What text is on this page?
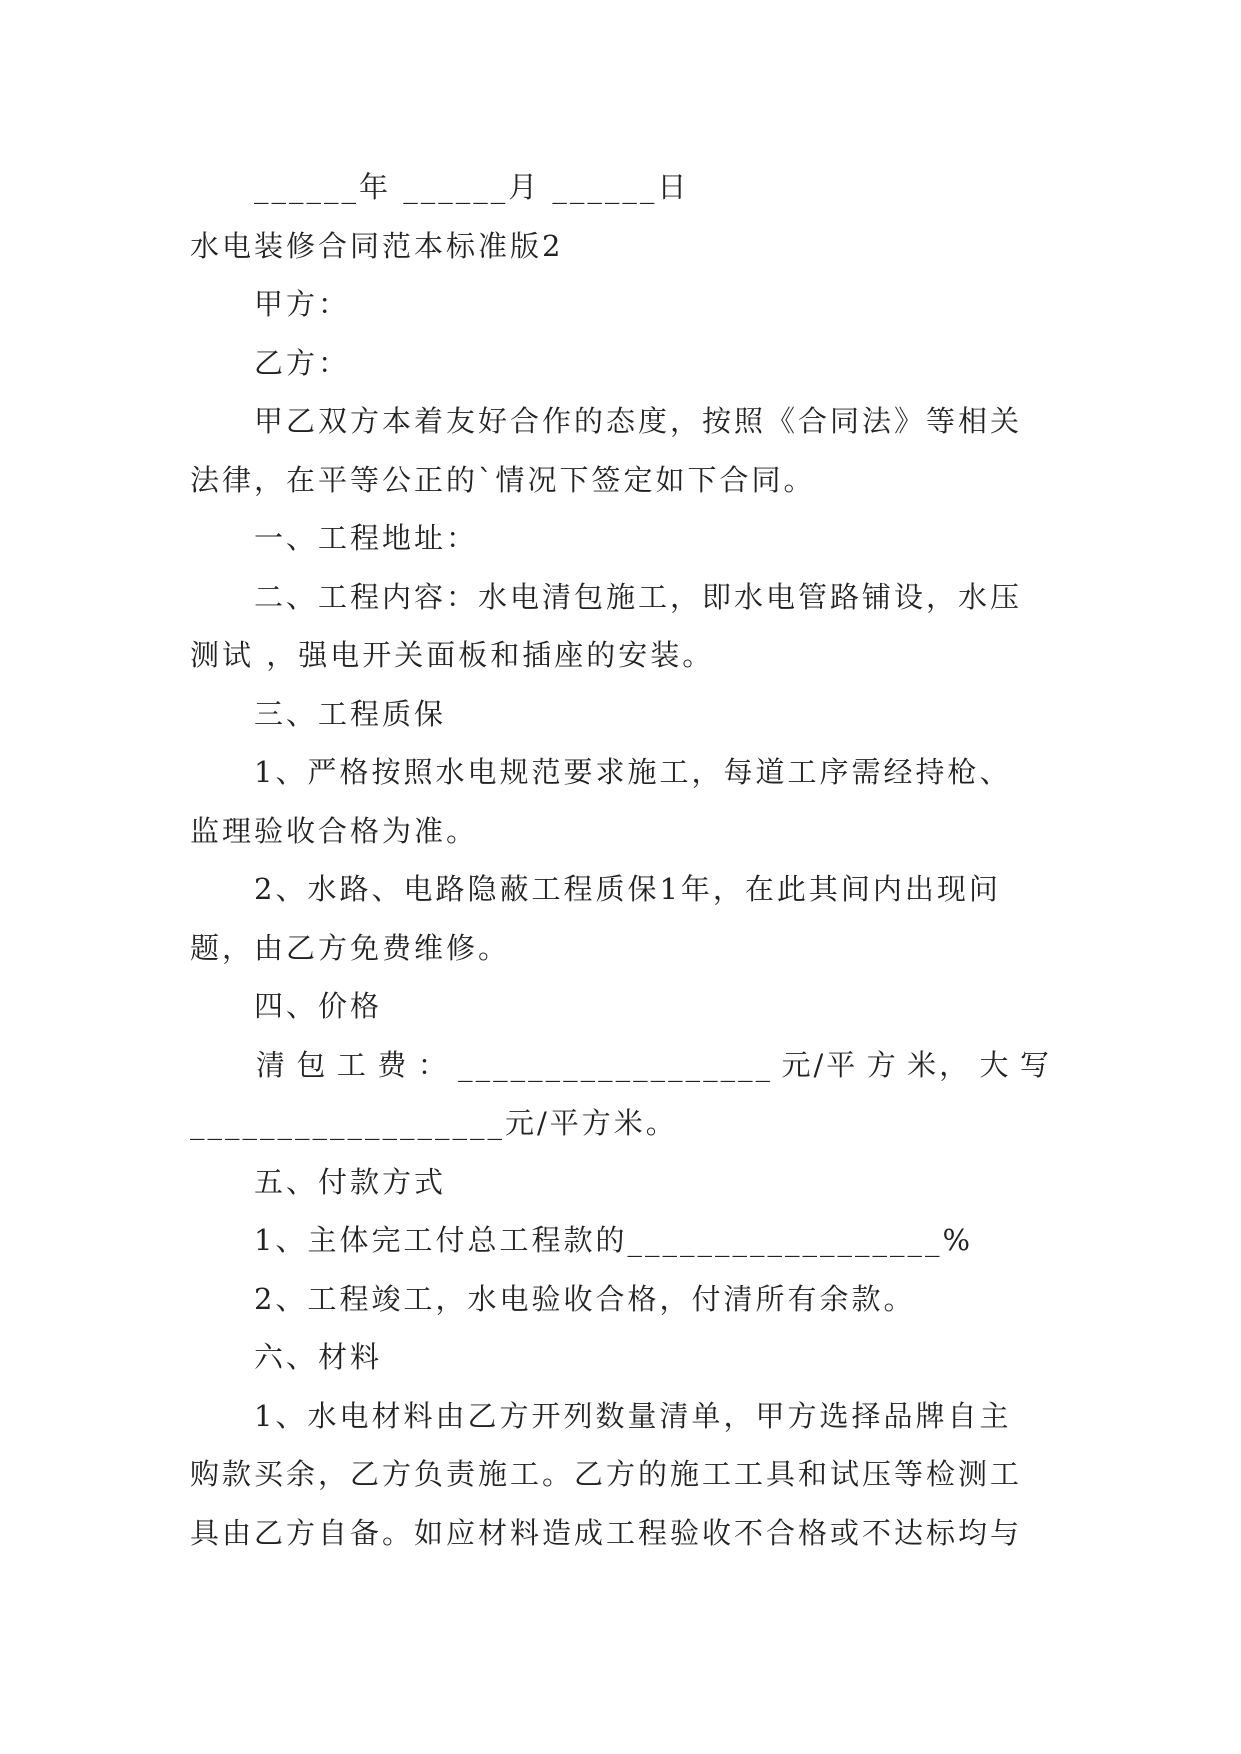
______年 ______月 ______日
水电装修合同范本标准版2
甲方：
乙方：
甲乙双方本着友好合作的态度，按照《合同法》等相关
法律，在平等公正的`情况下签定如下合同。
一、工程地址：
二、工程内容：水电清包施工，即水电管路铺设，水压
测试 ，强电开关面板和插座的安装。
三、工程质保
1、严格按照水电规范要求施工，每道工序需经持枪、
监理验收合格为准。
2、水路、电路隐蔽工程质保1年，在此其间内出现问
题，由乙方免费维修。
四、价格
清 包 工 费 ： __________________ 元/平 方 米， 大 写
__________________元/平方米。
五、付款方式
1、主体完工付总工程款的__________________%
2、工程竣工，水电验收合格，付清所有余款。
六、材料
1、水电材料由乙方开列数量清单，甲方选择品牌自主
购款买余，乙方负责施工。乙方的施工工具和试压等检测工
具由乙方自备。如应材料造成工程验收不合格或不达标均与
